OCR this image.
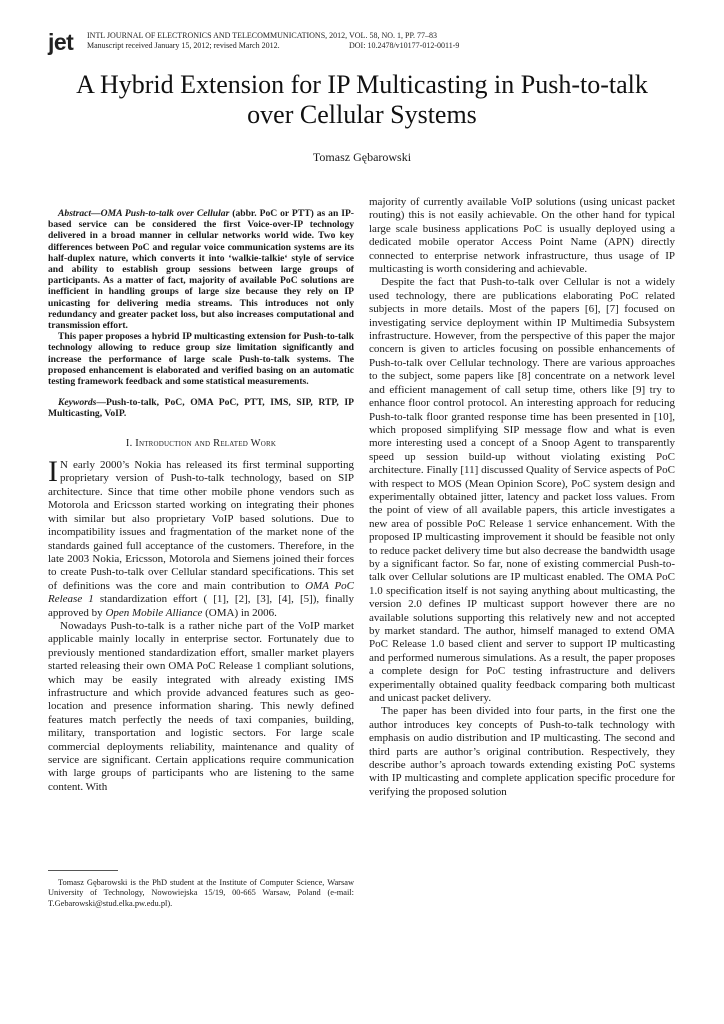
jet INTL JOURNAL OF ELECTRONICS AND TELECOMMUNICATIONS, 2012, VOL. 58, NO. 1, PP. 77–83
Manuscript received January 15, 2012; revised March 2012.	DOI: 10.2478/v10177-012-0011-9
A Hybrid Extension for IP Multicasting in Push-to-talk over Cellular Systems
Tomasz Gębarowski

Abstract—OMA Push-to-talk over Cellular (abbr. PoC or PTT) as an IP-based service can be considered the first Voice-over-IP technology delivered in a broad manner in cellular networks world wide. Two key differences between PoC and regular voice communication systems are its half-duplex nature, which converts it into ‘walkie-talkie‘ style of service and ability to establish group sessions between large groups of participants. As a matter of fact, majority of available PoC solutions are inefficient in handling groups of large size because they rely on IP unicasting for delivering media streams. This introduces not only redundancy and greater packet loss, but also increases computational and transmission effort.

This paper proposes a hybrid IP multicasting extension for Push-to-talk technology allowing to reduce group size limitation significantly and increase the performance of large scale Push-to-talk systems. The proposed enhancement is elaborated and verified basing on an automatic testing framework feedback and some statistical measurements.

Keywords—Push-to-talk, PoC, OMA PoC, PTT, IMS, SIP, RTP, IP Multicasting, VoIP.

I. Introduction and Related Work

I N early 2000’s Nokia has released its first terminal supporting proprietary version of Push-to-talk technology, based on SIP architecture. Since that time other mobile phone vendors such as Motorola and Ericsson started working on integrating their phones with similar but also proprietary VoIP based solutions. Due to incompatibility issues and fragmentation of the market none of the standards gained full acceptance of the customers. Therefore, in the late 2003 Nokia, Ericsson, Motorola and Siemens joined their forces to create Push-to-talk over Cellular standard specifications. This set of definitions was the core and main contribution to OMA PoC Release 1 standardization effort ( [1], [2], [3], [4], [5]), finally approved by Open Mobile Alliance (OMA) in 2006.

Nowadays Push-to-talk is a rather niche part of the VoIP market applicable mainly locally in enterprise sector. Fortunately due to previously mentioned standardization effort, smaller market players started releasing their own OMA PoC Release 1 compliant solutions, which may be easily integrated with already existing IMS infrastructure and which provide advanced features such as geo-location and presence information sharing. This newly defined features match perfectly the needs of taxi companies, building, military, transportation and logistic sectors. For large scale commercial deployments reliability, maintenance and quality of service are significant. Certain applications require communication with large groups of participants who are listening to the same content. With

Tomasz Gębarowski is the PhD student at the Institute of Computer Science, Warsaw University of Technology, Nowowiejska 15/19, 00-665 Warsaw, Poland (e-mail: T.Gebarowski@stud.elka.pw.edu.pl).

majority of currently available VoIP solutions (using unicast packet routing) this is not easily achievable. On the other hand for typical large scale business applications PoC is usually deployed using a dedicated mobile operator Access Point Name (APN) directly connected to enterprise network infrastructure, thus usage of IP multicasting is worth considering and achievable.

Despite the fact that Push-to-talk over Cellular is not a widely used technology, there are publications elaborating PoC related subjects in more details. Most of the papers [6], [7] focused on investigating service deployment within IP Multimedia Subsystem infrastructure. However, from the perspective of this paper the major concern is given to articles focusing on possible enhancements of Push-to-talk over Cellular technology. There are various approaches to the subject, some papers like [8] concentrate on a network level and efficient management of call setup time, others like [9] try to enhance floor control protocol. An interesting approach for reducing Push-to-talk floor granted response time has been presented in [10], which proposed simplifying SIP message flow and what is even more interesting used a concept of a Snoop Agent to transparently speed up session build-up without violating existing PoC architecture. Finally [11] discussed Quality of Service aspects of PoC with respect to MOS (Mean Opinion Score), PoC system design and experimentally obtained jitter, latency and packet loss values. From the point of view of all available papers, this article investigates a new area of possible PoC Release 1 service enhancement. With the proposed IP multicasting improvement it should be feasible not only to reduce packet delivery time but also decrease the bandwidth usage by a significant factor. So far, none of existing commercial Push-to-talk over Cellular solutions are IP multicast enabled. The OMA PoC 1.0 specification itself is not saying anything about multicasting, the version 2.0 defines IP multicast support however there are no available solutions supporting this relatively new and not accepted by market standard. The author, himself managed to extend OMA PoC Release 1.0 based client and server to support IP multicasting and performed numerous simulations. As a result, the paper proposes a complete design for PoC testing infrastructure and delivers experimentally obtained quality feedback comparing both multicast and unicast packet delivery.

The paper has been divided into four parts, in the first one the author introduces key concepts of Push-to-talk technology with emphasis on audio distribution and IP multicasting. The second and third parts are author’s original contribution. Respectively, they describe author’s aproach towards extending existing PoC systems with IP multicasting and complete application specific procedure for verifying the proposed solution
